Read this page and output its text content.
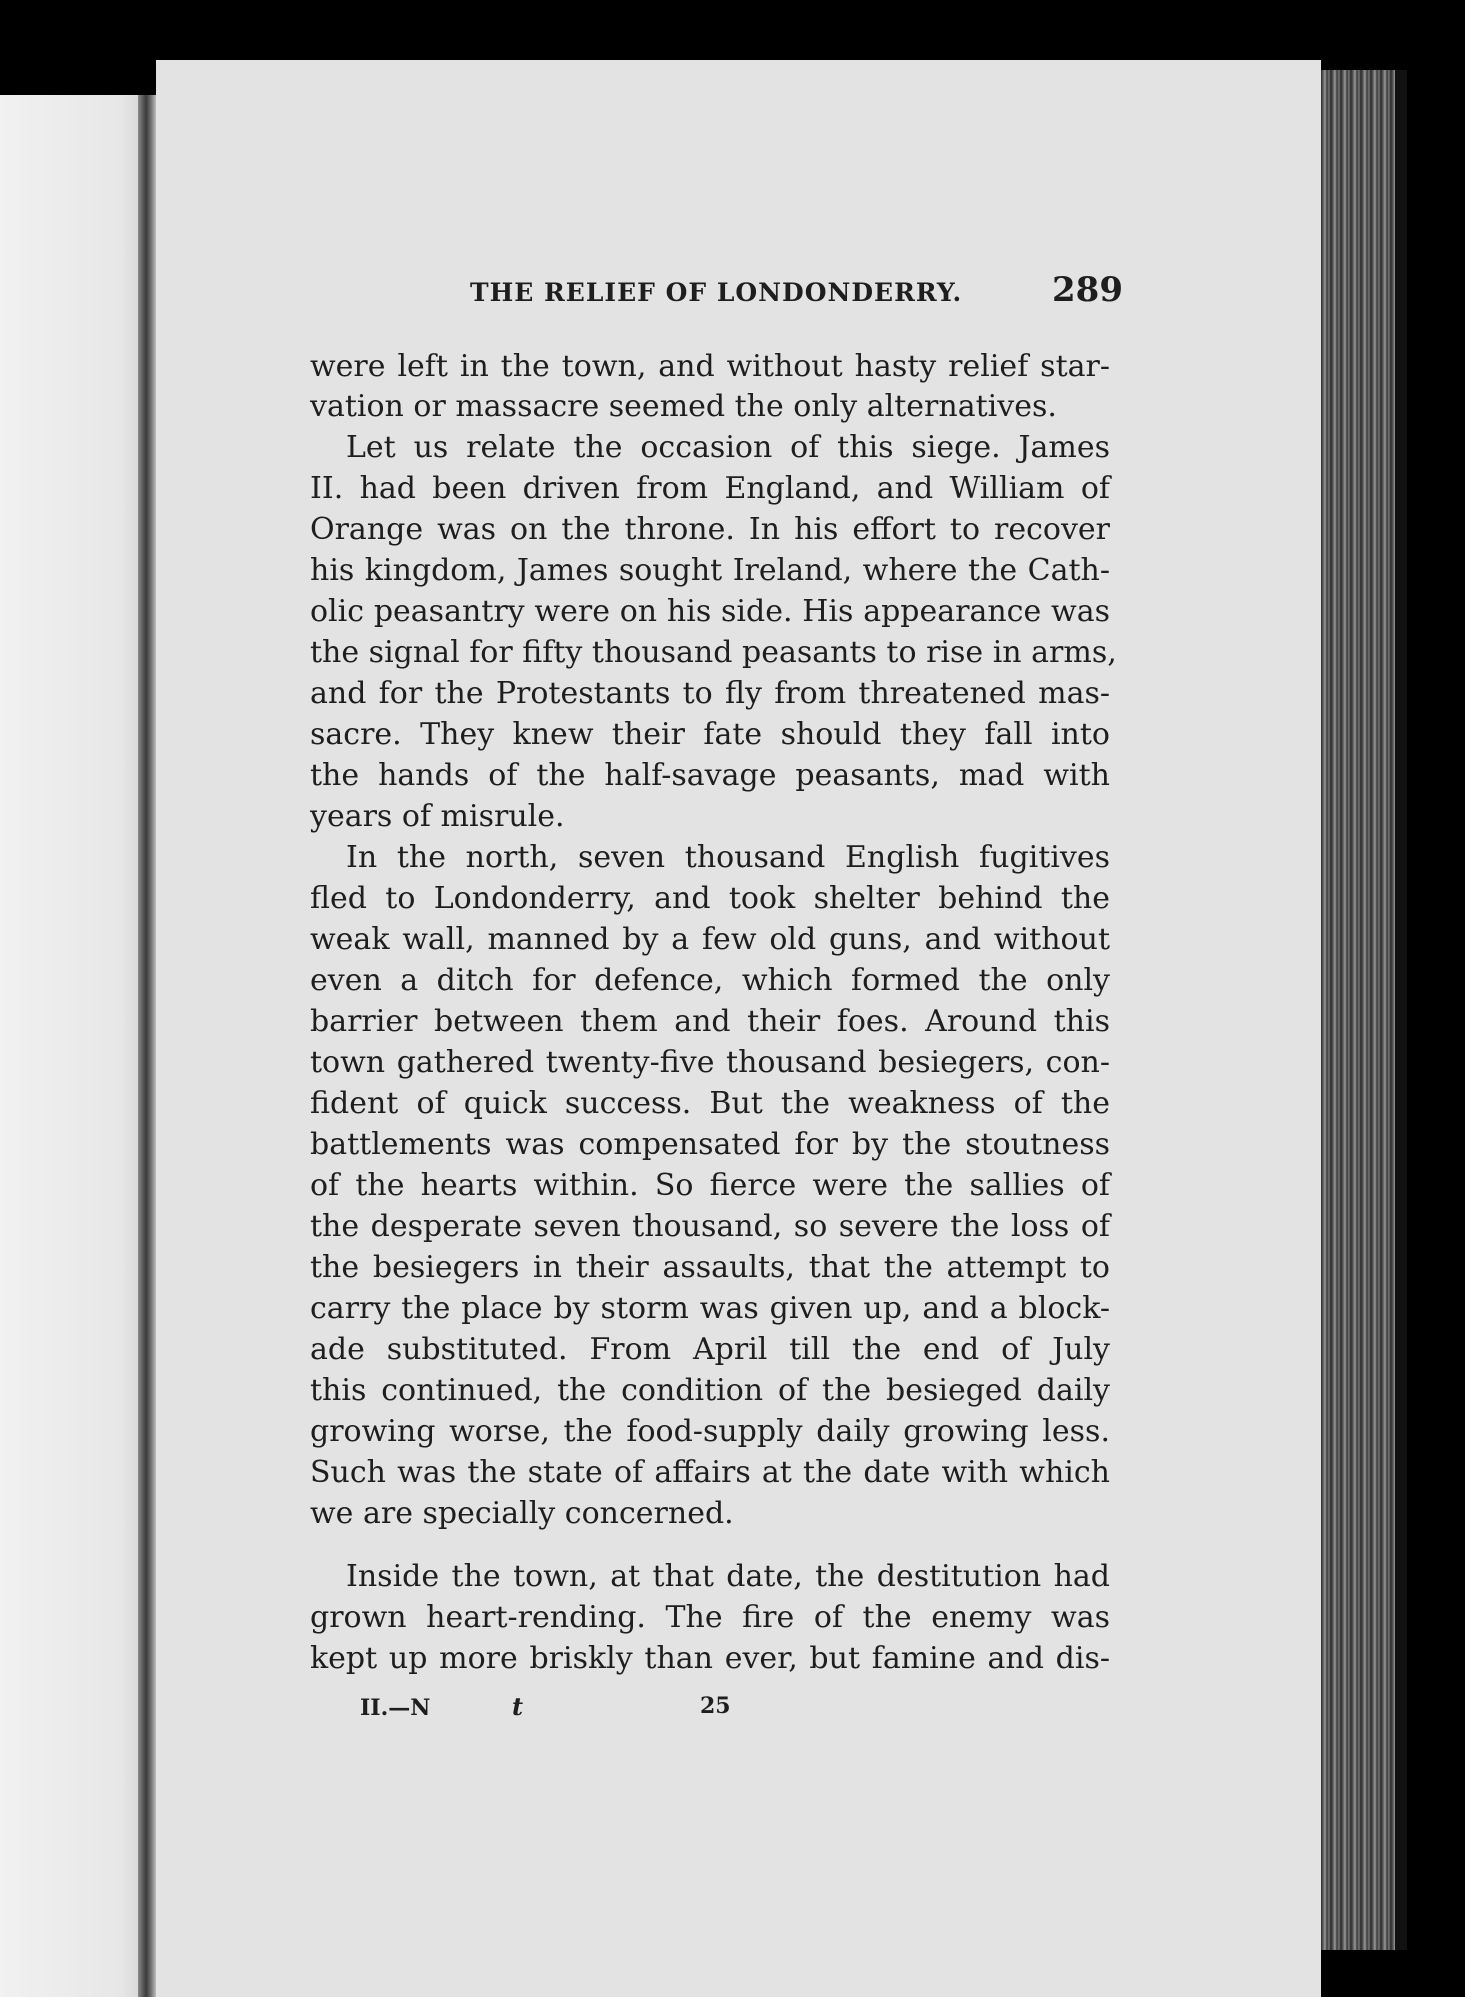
THE RELIEF OF LONDONDERRY.	289
were left in the town, and without hasty relief star-
vation or massacre seemed the only alternatives.
Let us relate the occasion of this siege. James
II. had been driven from England, and William of
Orange was on the throne. In his effort to recover
his kingdom, James sought Ireland, where the Cath-
olic peasantry were on his side. His appearance was
the signal for fifty thousand peasants to rise in arms,
and for the Protestants to fly from threatened mas-
sacre. They knew their fate should they fall into
the hands of the half-savage peasants, mad with
years of misrule.
In the north, seven thousand English fugitives
fled to Londonderry, and took shelter behind the
weak wall, manned by a few old guns, and without
even a ditch for defence, which formed the only
barrier between them and their foes. Around this
town gathered twenty-five thousand besiegers, con-
fident of quick success. But the weakness of the
battlements was compensated for by the stoutness
of the hearts within. So fierce were the sallies of
the desperate seven thousand, so severe the loss of
the besiegers in their assaults, that the attempt to
carry the place by storm was given up, and a block-
ade substituted. From April till the end of July
this continued, the condition of the besieged daily
growing worse, the food-supply daily growing less.
Such was the state of affairs at the date with which
we are specially concerned.
Inside the town, at that date, the destitution had
grown heart-rending. The fire of the enemy was
kept up more briskly than ever, but famine and dis-
II.—N	t	25
